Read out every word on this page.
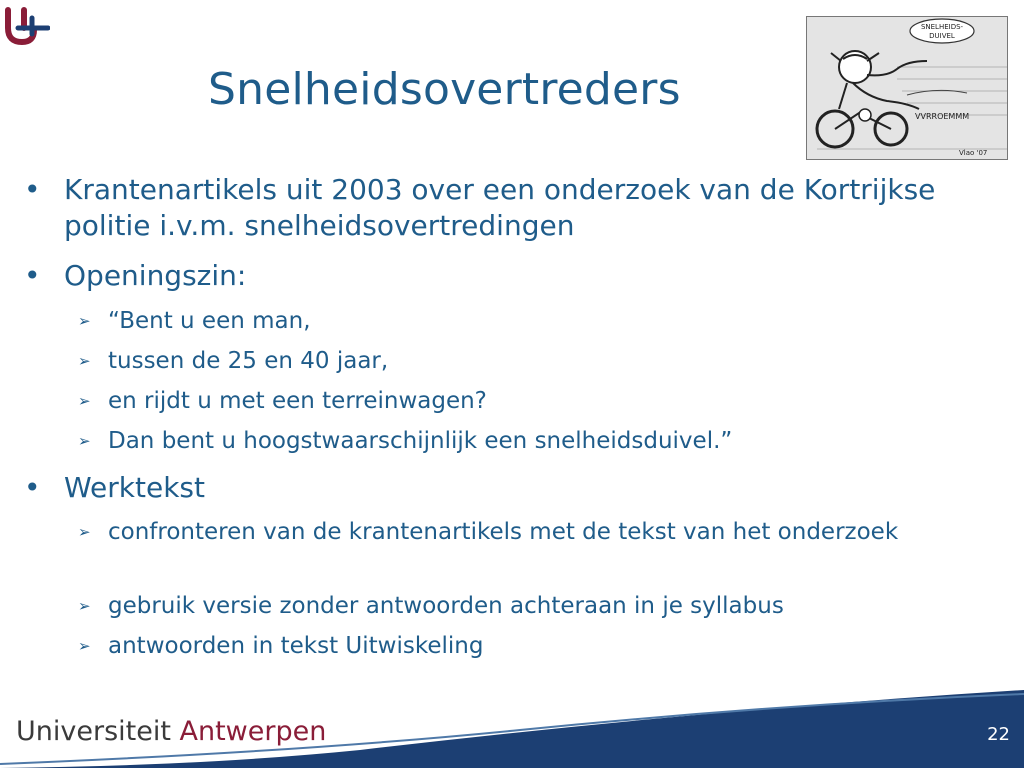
Snelheidsovertreders
SNELHEIDS-
DUIVEL
VVRROEMMM
Vlao '07
• Krantenartikels uit 2003 over een onderzoek van de Kortrijkse politie i.v.m. snelheidsovertredingen
• Openingszin:
➢ “Bent u een man,
➢ tussen de 25 en 40 jaar,
➢ en rijdt u met een terreinwagen?
➢ Dan bent u hoogstwaarschijnlijk een snelheidsduivel.”
• Werktekst
➢ confronteren van de krantenartikels met de tekst van het onderzoek
➢ gebruik versie zonder antwoorden achteraan in je syllabus
➢ antwoorden in tekst Uitwiskeling
Universiteit Antwerpen	22
